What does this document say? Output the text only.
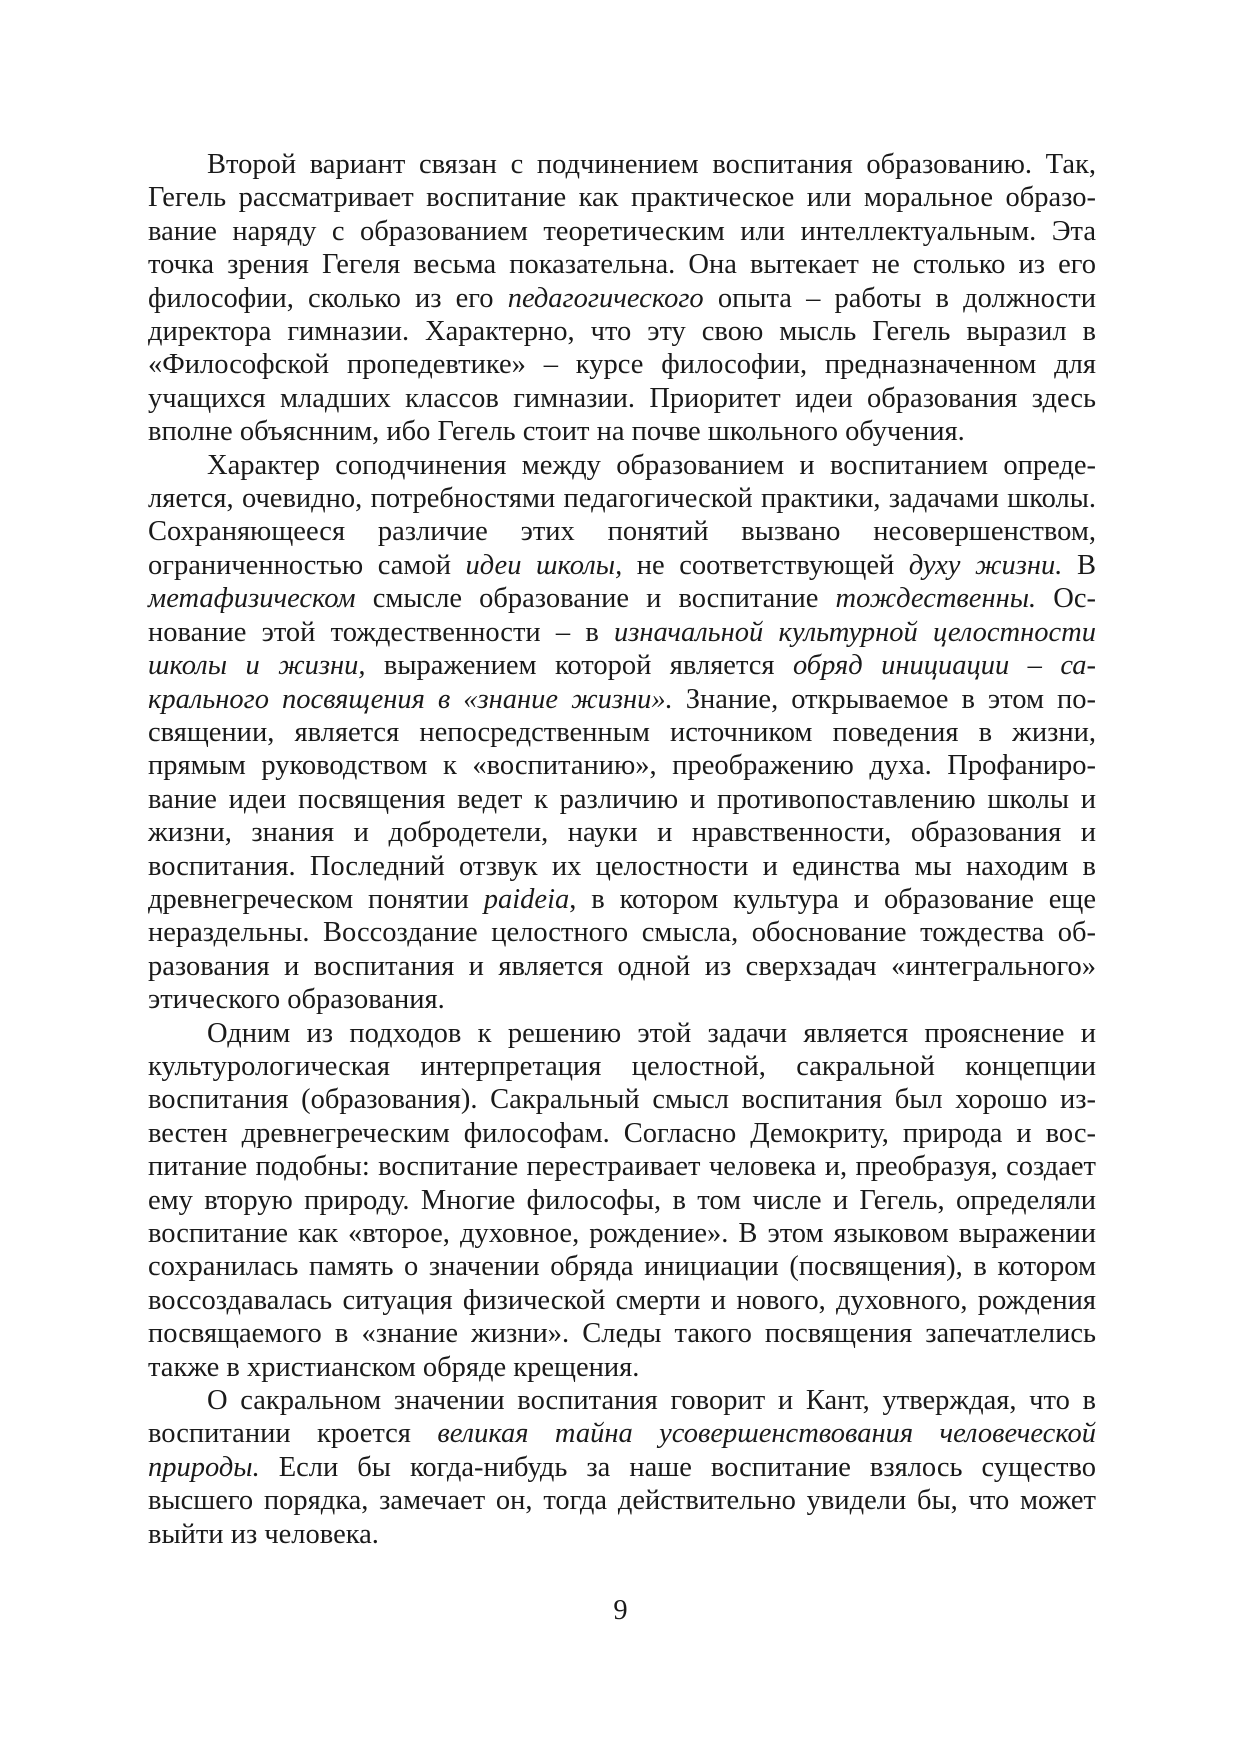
Второй вариант связан с подчинением воспитания образованию. Так, Гегель рассматривает воспитание как практическое или моральное образование наряду с образованием теоретическим или интеллектуальным. Эта точка зрения Гегеля весьма показательна. Она вытекает не столько из его философии, сколько из его педагогического опыта – работы в должности директора гимназии. Характерно, что эту свою мысль Гегель выразил в «Философской пропедевтике» – курсе философии, предназначенном для учащихся младших классов гимназии. Приоритет идеи образования здесь вполне объяснним, ибо Гегель стоит на почве школьного обучения.

Характер соподчинения между образованием и воспитанием определяется, очевидно, потребностями педагогической практики, задачами школы. Сохраняющееся различие этих понятий вызвано несовершенством, ограниченностью самой идеи школы, не соответствующей духу жизни. В метафизическом смысле образование и воспитание тождественны. Основание этой тождественности – в изначальной культурной целостности школы и жизни, выражением которой является обряд инициации – сакрального посвящения в «знание жизни». Знание, открываемое в этом посвящении, является непосредственным источником поведения в жизни, прямым руководством к «воспитанию», преображению духа. Профанирование идеи посвящения ведет к различию и противопоставлению школы и жизни, знания и добродетели, науки и нравственности, образования и воспитания. Последний отзвук их целостности и единства мы находим в древнегреческом понятии paideia, в котором культура и образование еще нераздельны. Воссоздание целостного смысла, обоснование тождества образования и воспитания и является одной из сверхзадач «интегрального» этического образования.

Одним из подходов к решению этой задачи является прояснение и культурологическая интерпретация целостной, сакральной концепции воспитания (образования). Сакральный смысл воспитания был хорошо известен древнегреческим философам. Согласно Демокриту, природа и воспитание подобны: воспитание перестраивает человека и, преобразуя, создает ему вторую природу. Многие философы, в том числе и Гегель, определяли воспитание как «второе, духовное, рождение». В этом языковом выражении сохранилась память о значении обряда инициации (посвящения), в котором воссоздавалась ситуация физической смерти и нового, духовного, рождения посвящаемого в «знание жизни». Следы такого посвящения запечатлелись также в христианском обряде крещения.

О сакральном значении воспитания говорит и Кант, утверждая, что в воспитании кроется великая тайна усовершенствования человеческой природы. Если бы когда-нибудь за наше воспитание взялось существо высшего порядка, замечает он, тогда действительно увидели бы, что может выйти из человека.

9
